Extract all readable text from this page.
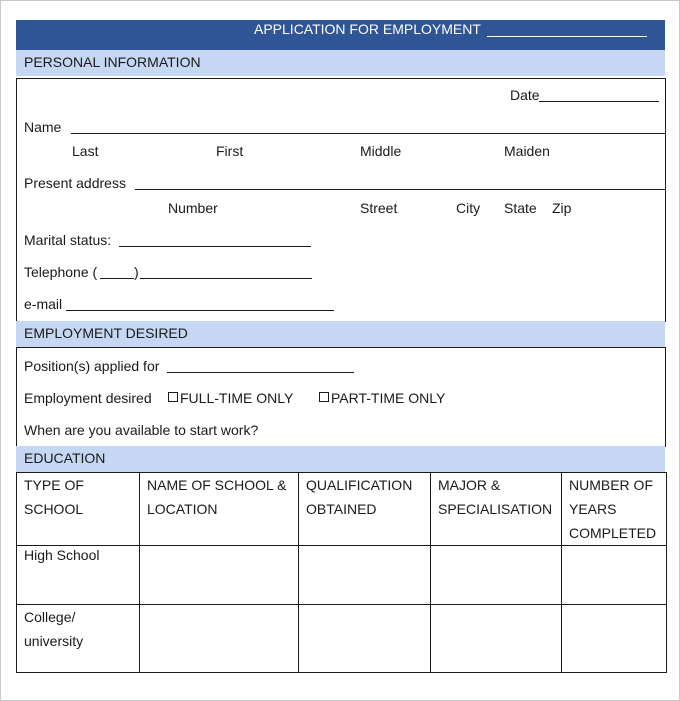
APPLICATION FOR EMPLOYMENT
PERSONAL INFORMATION
Date
Name
Last	First	Middle	Maiden
Present address
Number	Street	City State Zip
Marital status:
Telephone (	)
e-mail
EMPLOYMENT DESIRED
Position(s) applied for
Employment desired	FULL-TIME ONLY	PART-TIME ONLY
When are you available to start work?
EDUCATION
TYPE OF SCHOOL	NAME OF SCHOOL & LOCATION	QUALIFICATION OBTAINED	MAJOR & SPECIALISATION	NUMBER OF YEARS COMPLETED
High School				
College/ university				
